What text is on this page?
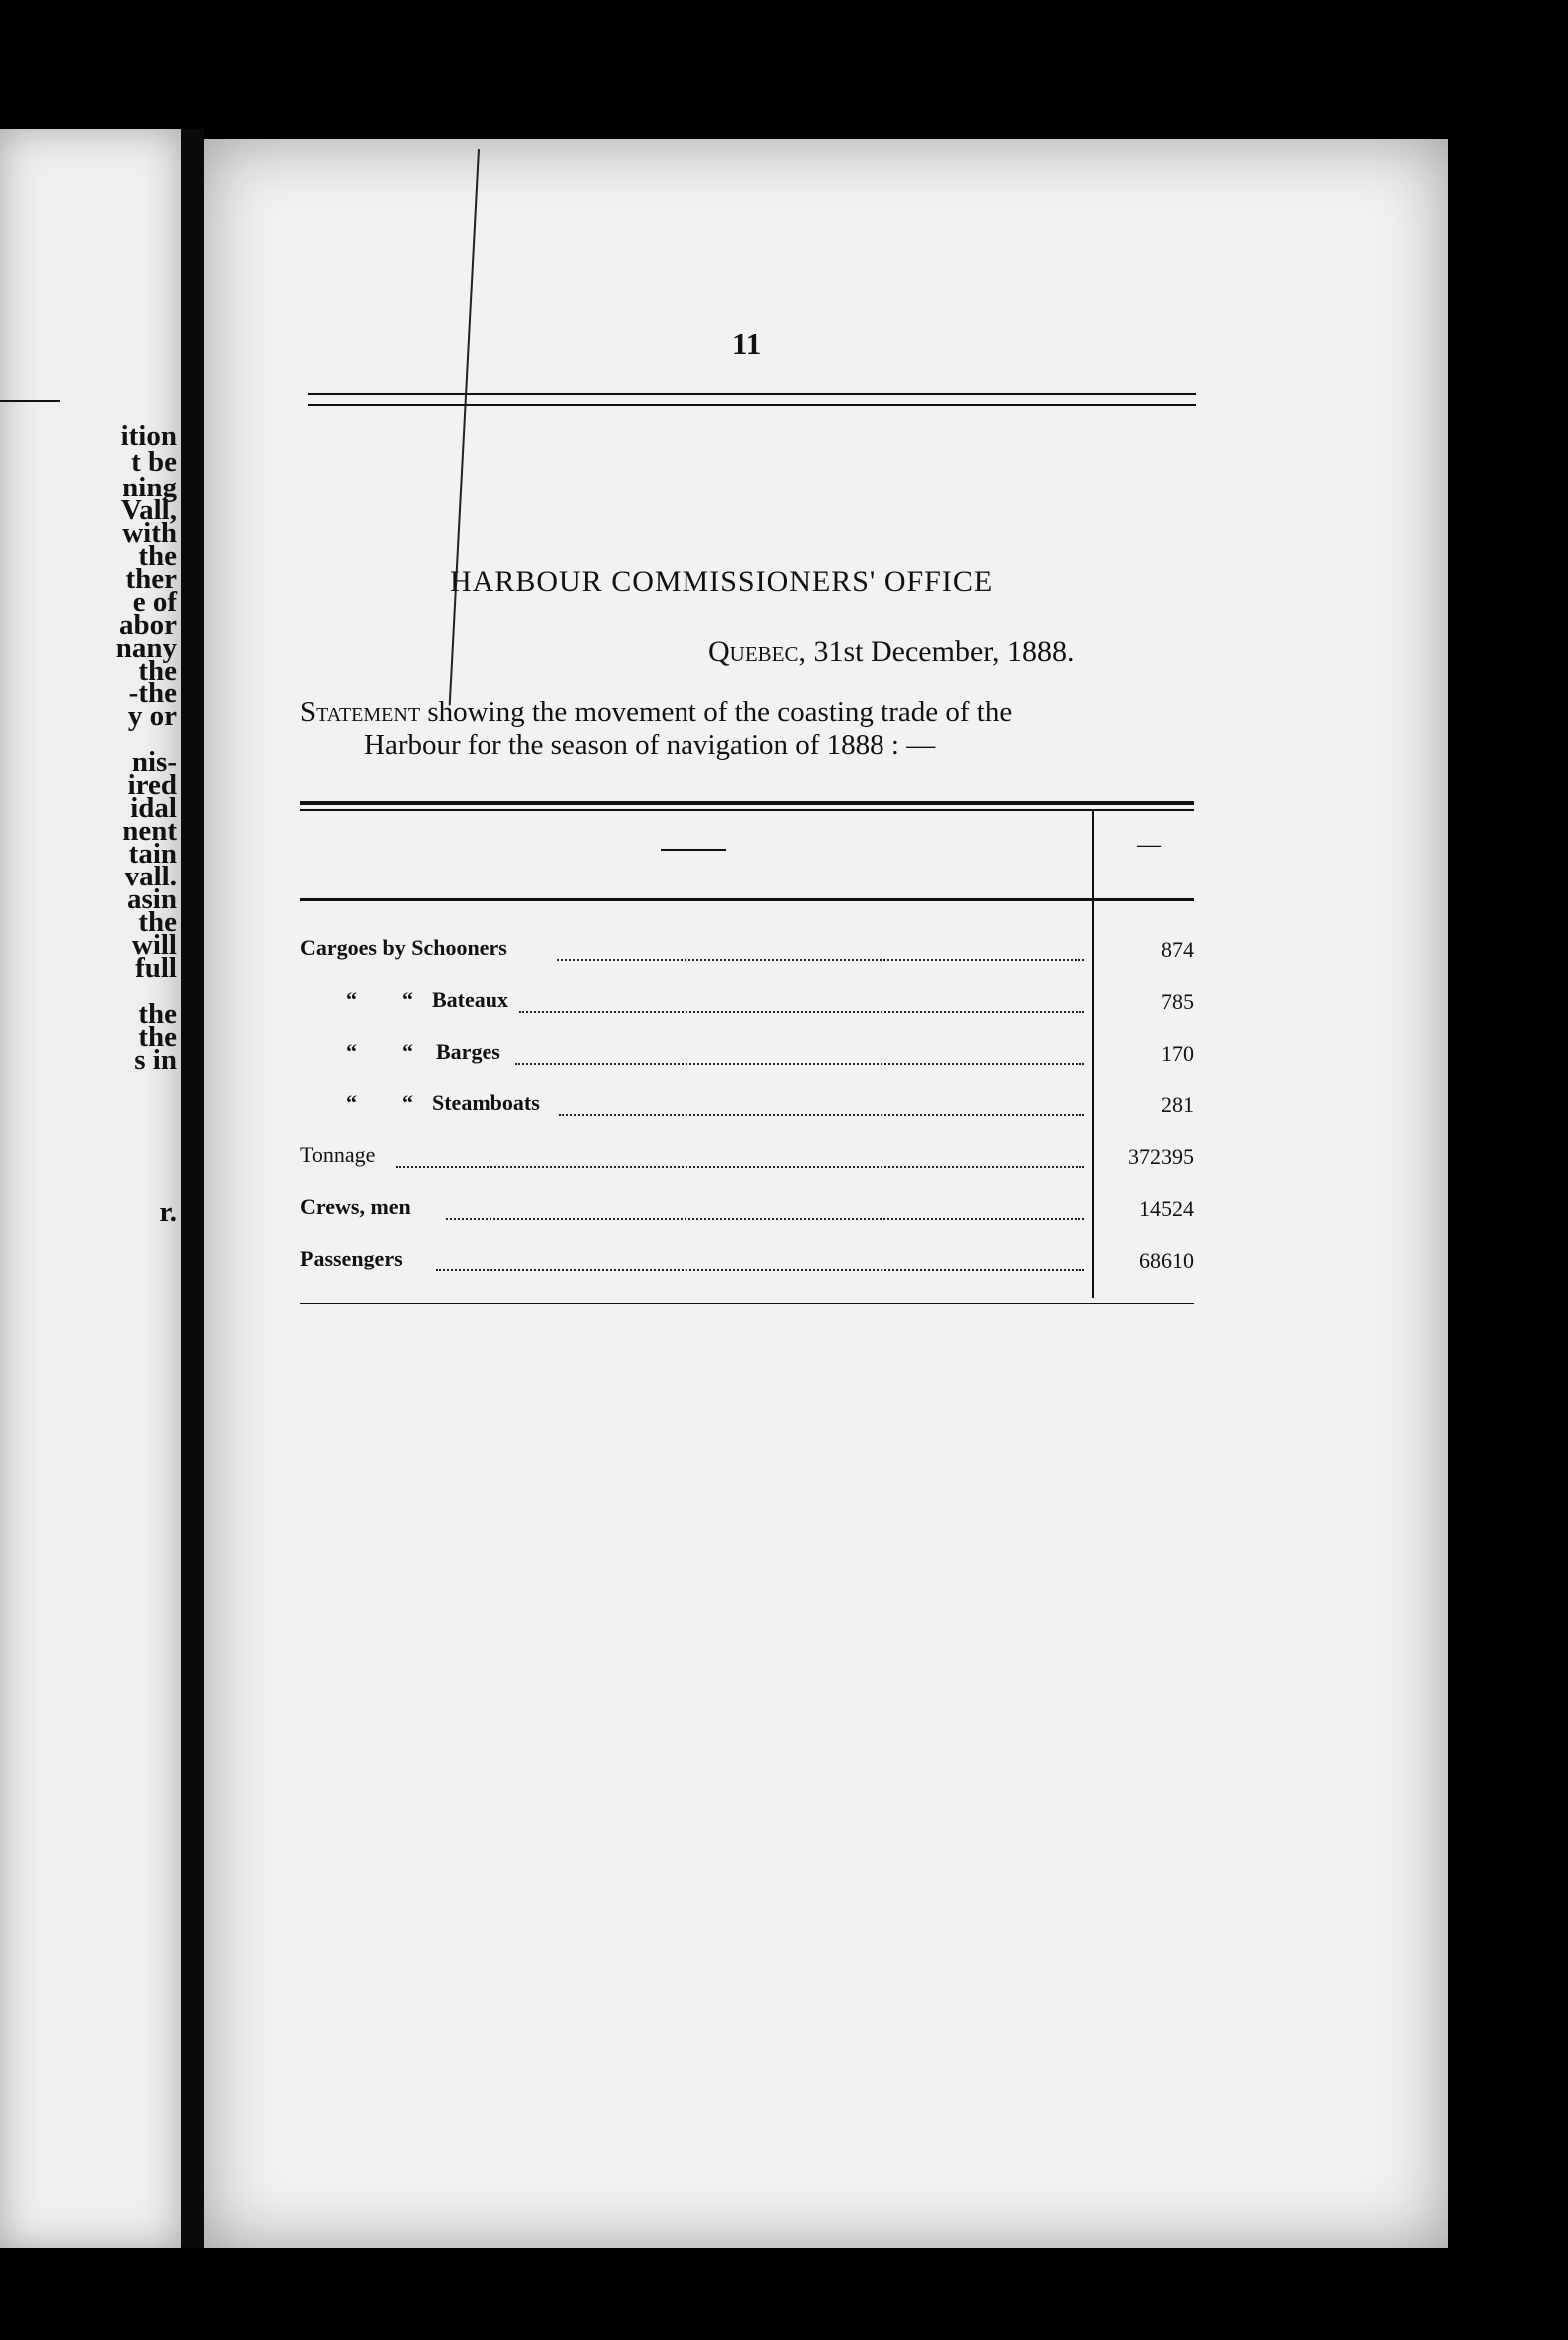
ition
t be
ning
Vall,
with
the
ther
e of
abor
nany
the
-the
y or
nis-
ired
idal
nent
tain
vall.
asin
the
will
full
the
the
s in
r.
11
HARBOUR COMMISSIONERS' OFFICE
Quebec, 31st December, 1888.
Statement showing the movement of the coasting trade of the
Harbour for the season of navigation of 1888 : —
—
Cargoes by Schooners	874
“ “ Bateaux	785
“ “ Barges	170
“ “ Steamboats	281
Tonnage	372395
Crews, men	14524
Passengers	68610
